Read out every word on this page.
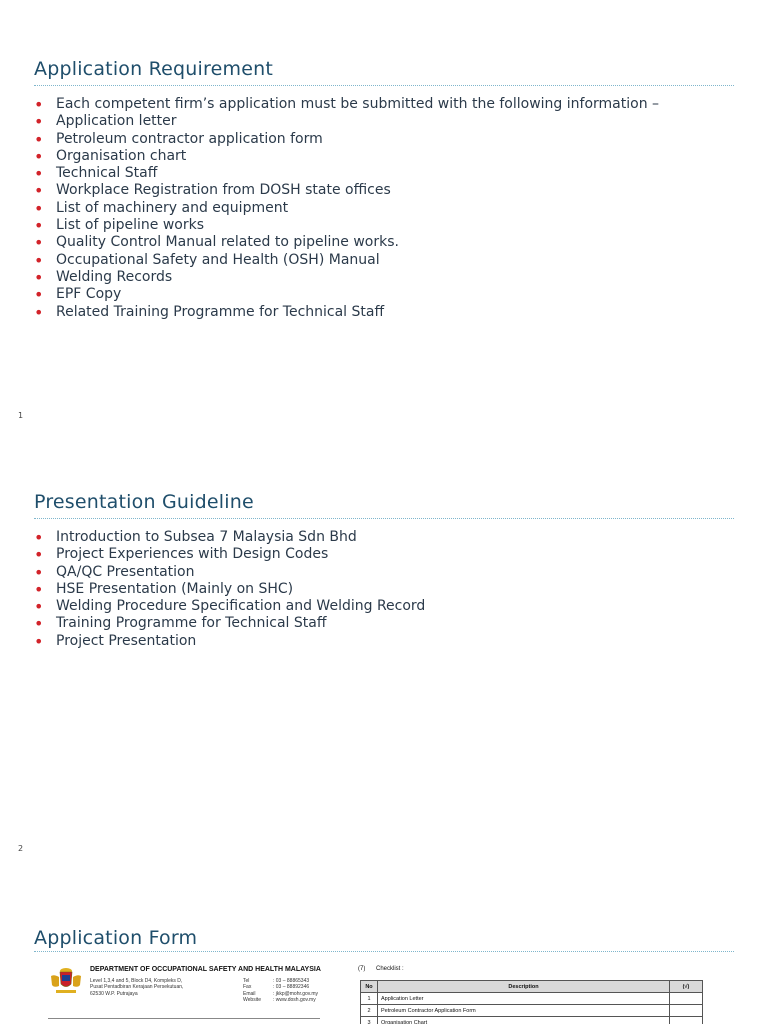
Application Requirement
• Each competent firm’s application must be submitted with the following information –
• Application letter
• Petroleum contractor application form
• Organisation chart
• Technical Staff
• Workplace Registration from DOSH state offices
• List of machinery and equipment
• List of pipeline works
• Quality Control Manual related to pipeline works.
• Occupational Safety and Health (OSH) Manual
• Welding Records
• EPF Copy
• Related Training Programme for Technical Staff
1
Presentation Guideline
• Introduction to Subsea 7 Malaysia Sdn Bhd
• Project Experiences with Design Codes
• QA/QC Presentation
• HSE Presentation (Mainly on SHC)
• Welding Procedure Specification and Welding Record
• Training Programme for Technical Staff
• Project Presentation
2
Application Form
DEPARTMENT OF OCCUPATIONAL SAFETY AND HEALTH MALAYSIA
Level 1,3,4 and 5, Block D4, Kompleks D,
Pusat Pentadbiran Kerajaan Persekutuan,
62530 W.P. Putrajaya
Tel	: 03 – 88865343
Fax	: 03 – 88892346
Email	: jkkp@mohr.gov.my
Website : www.dosh.gov.my
(7) Checklist :
No	Description	(√)
1	Application Letter	
2	Petroleum Contractor Application Form	
3	Organisation Chart	
